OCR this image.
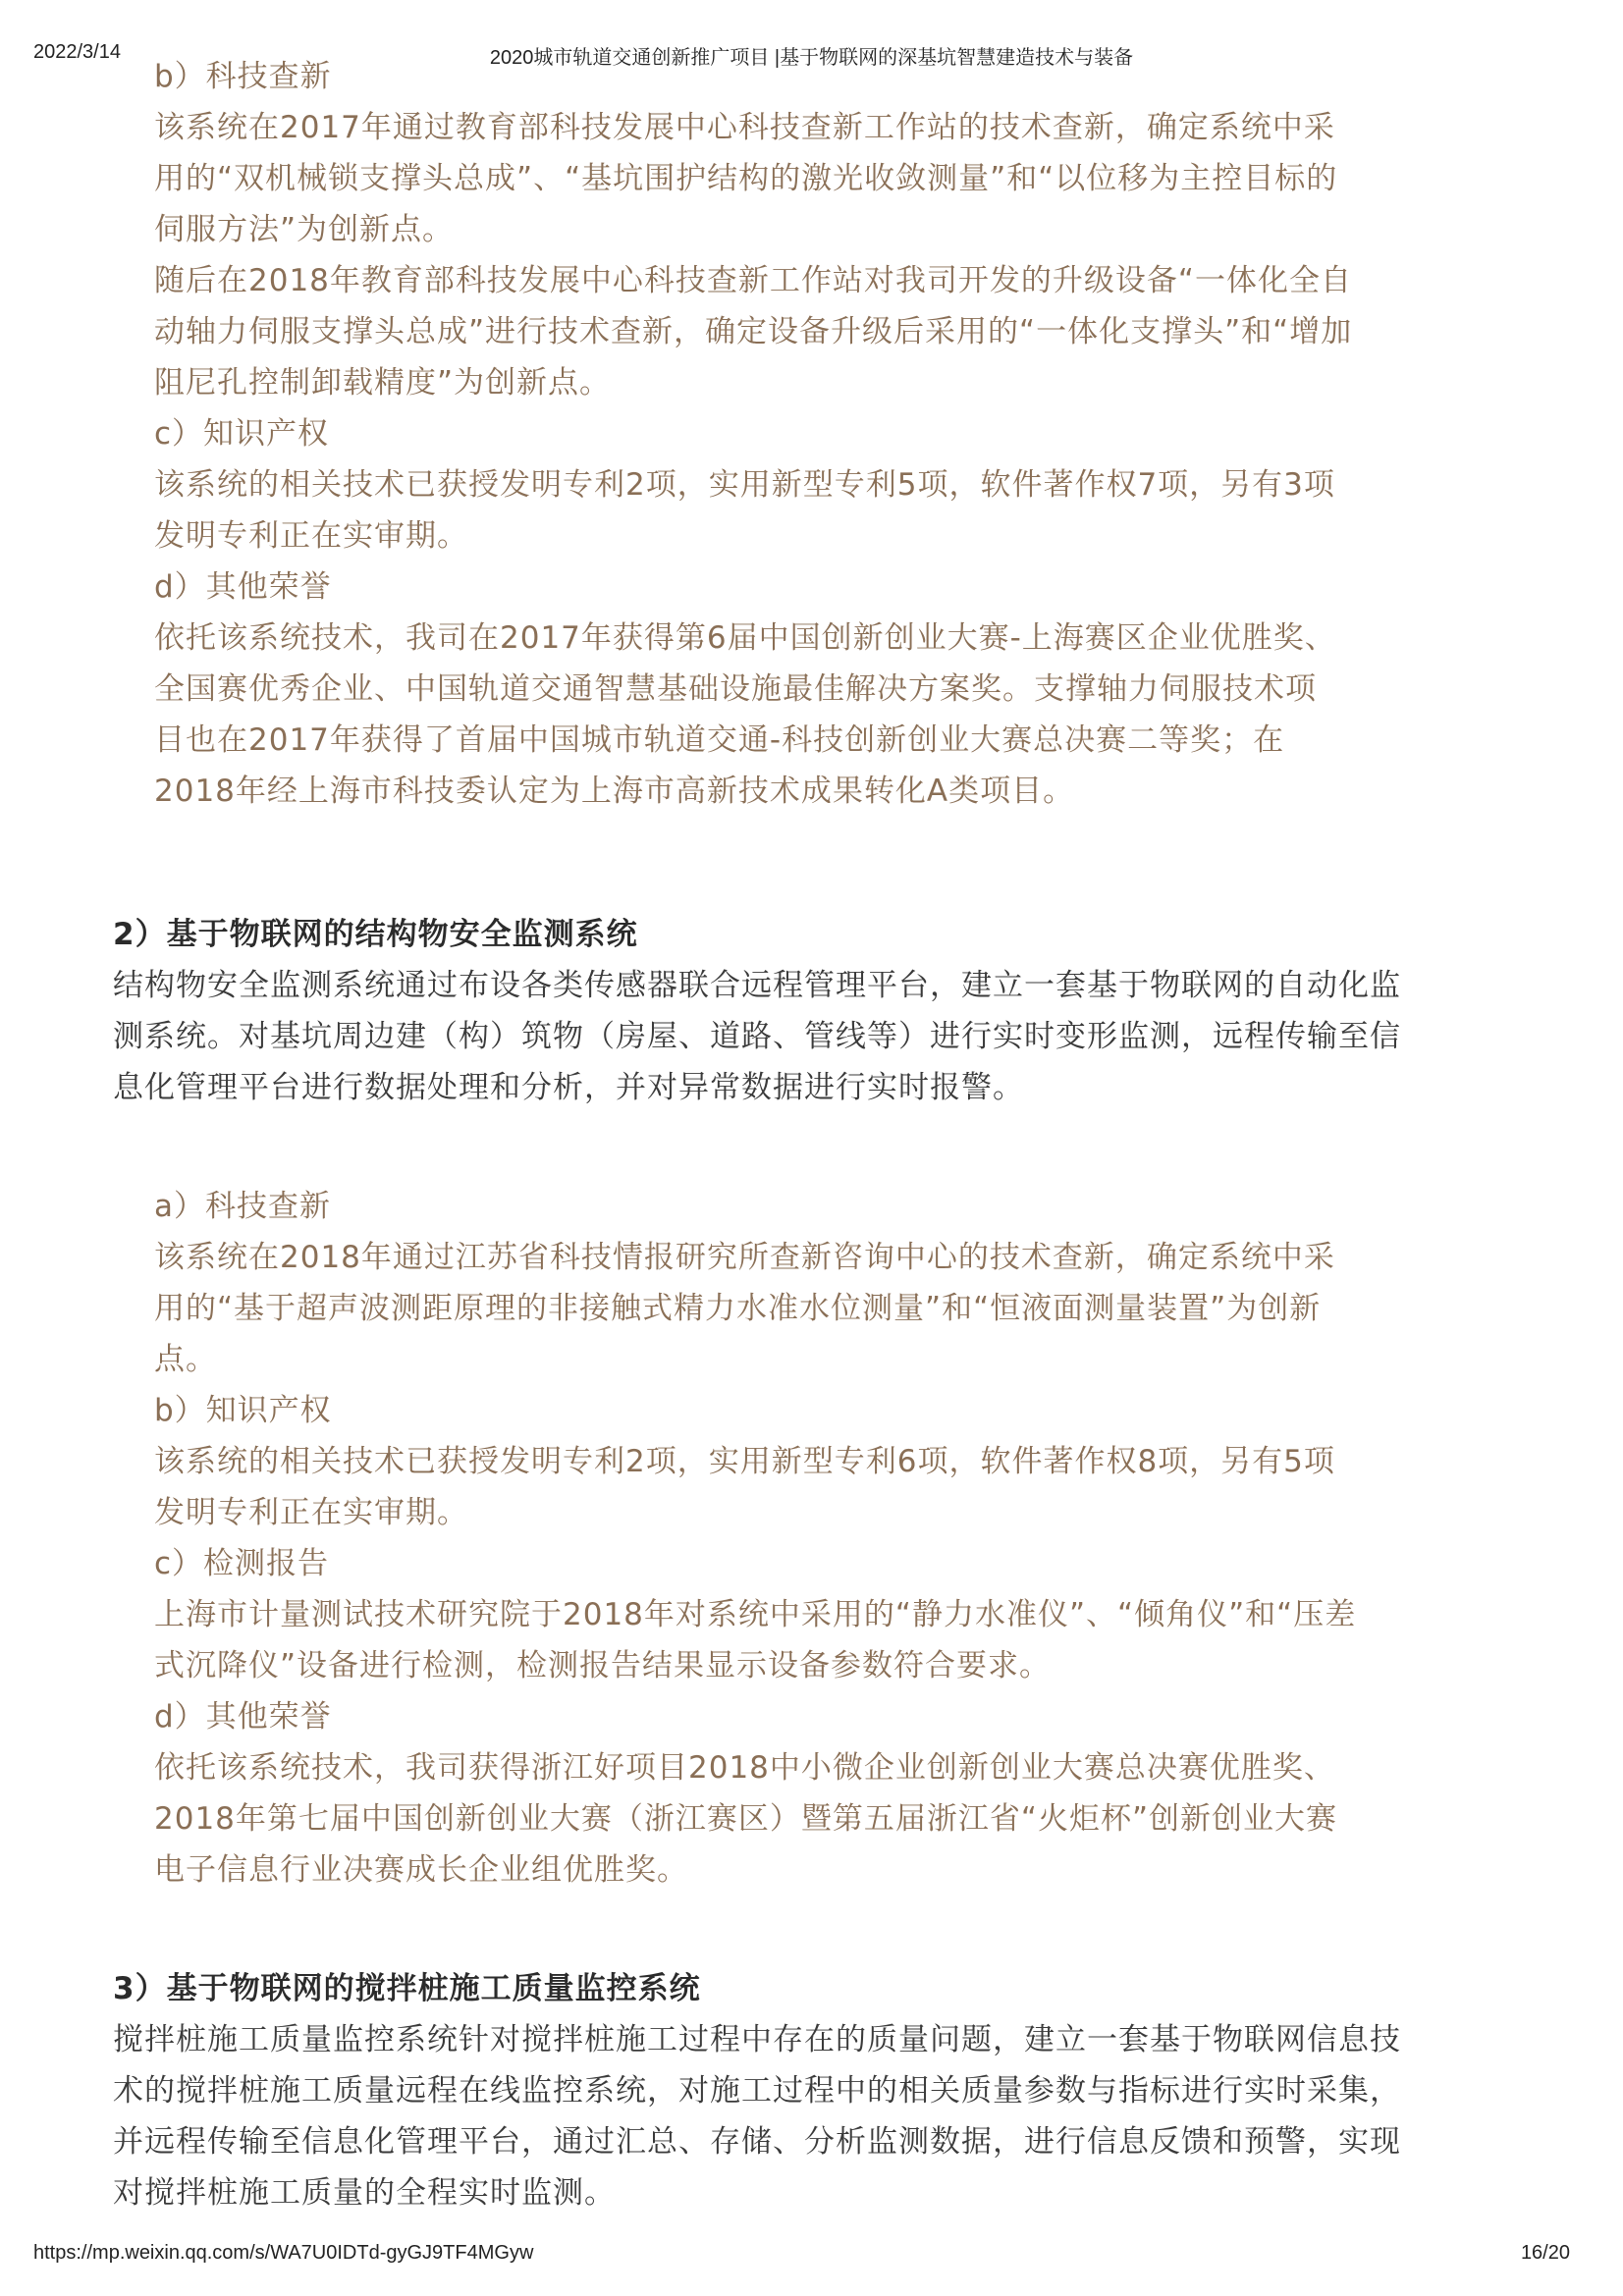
2022/3/14	2020城市轨道交通创新推广项目 |基于物联网的深基坑智慧建造技术与装备

b）科技查新

该系统在2017年通过教育部科技发展中心科技查新工作站的技术查新，确定系统中采
用的“双机械锁支撑头总成”、“基坑围护结构的激光收敛测量”和“以位移为主控目标的
伺服方法”为创新点。

随后在2018年教育部科技发展中心科技查新工作站对我司开发的升级设备“一体化全自
动轴力伺服支撑头总成”进行技术查新，确定设备升级后采用的“一体化支撑头”和“增加
阻尼孔控制卸载精度”为创新点。

c）知识产权

该系统的相关技术已获授发明专利2项，实用新型专利5项，软件著作权7项，另有3项
发明专利正在实审期。

d）其他荣誉

依托该系统技术，我司在2017年获得第6届中国创新创业大赛-上海赛区企业优胜奖、
全国赛优秀企业、中国轨道交通智慧基础设施最佳解决方案奖。支撑轴力伺服技术项
目也在2017年获得了首届中国城市轨道交通-科技创新创业大赛总决赛二等奖；在
2018年经上海市科技委认定为上海市高新技术成果转化A类项目。

2）基于物联网的结构物安全监测系统

结构物安全监测系统通过布设各类传感器联合远程管理平台，建立一套基于物联网的自动化监
测系统。对基坑周边建（构）筑物（房屋、道路、管线等）进行实时变形监测，远程传输至信
息化管理平台进行数据处理和分析，并对异常数据进行实时报警。

a）科技查新

该系统在2018年通过江苏省科技情报研究所查新咨询中心的技术查新，确定系统中采
用的“基于超声波测距原理的非接触式精力水准水位测量”和“恒液面测量装置”为创新
点。

b）知识产权

该系统的相关技术已获授发明专利2项，实用新型专利6项，软件著作权8项，另有5项
发明专利正在实审期。

c）检测报告

上海市计量测试技术研究院于2018年对系统中采用的“静力水准仪”、“倾角仪”和“压差
式沉降仪”设备进行检测，检测报告结果显示设备参数符合要求。

d）其他荣誉

依托该系统技术，我司获得浙江好项目2018中小微企业创新创业大赛总决赛优胜奖、
2018年第七届中国创新创业大赛（浙江赛区）暨第五届浙江省“火炬杯”创新创业大赛
电子信息行业决赛成长企业组优胜奖。

3）基于物联网的搅拌桩施工质量监控系统

搅拌桩施工质量监控系统针对搅拌桩施工过程中存在的质量问题，建立一套基于物联网信息技
术的搅拌桩施工质量远程在线监控系统，对施工过程中的相关质量参数与指标进行实时采集，
并远程传输至信息化管理平台，通过汇总、存储、分析监测数据，进行信息反馈和预警，实现
对搅拌桩施工质量的全程实时监测。

https://mp.weixin.qq.com/s/WA7U0IDTd-gyGJ9TF4MGyw	16/20
